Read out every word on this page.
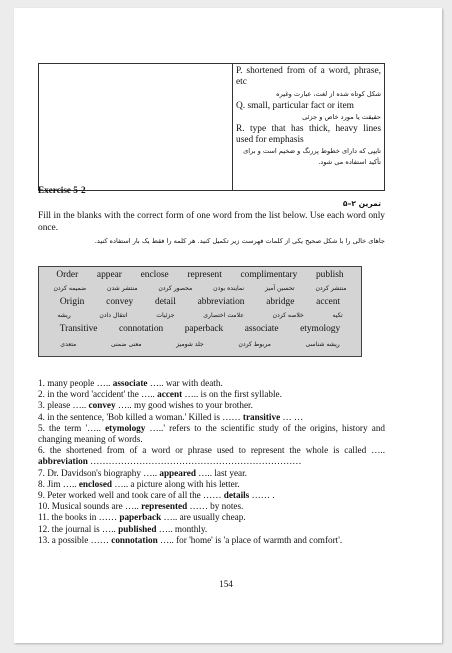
P. shortened from of a word, phrase, etc
شکل کوتاه شده از لغت، عبارت وغیره
Q. small, particular fact or item
حقیقت یا مورد خاص و جزئی
R. type that has thick, heavy lines used for emphasis
تایپی که دارای خطوط پررنگ و ضخیم است و برای تأکید استفاده می شود.
Exercise 5-2
تمرین ۲–۵
Fill in the blanks with the correct form of one word from the list below. Use each word only once.
جاهای خالی را با شکل صحیح یکی از کلمات فهرست زیر تکمیل کنید. هر کلمه را فقط یک بار استفاده کنید.
Order appear enclose represent complimentary publish
منتشر کردن
تحسین آمیز
نماینده بودن
محصور کردن
منتشر شدن
ضمیمه کردن
Origin convey detail abbreviation abridge accent
تکیه
خلاصه کردن
علامت اختصاری
جزئیات
انتقال دادن
ریشه
Transitive connotation paperback associate etymology
ریشه شناسی
مربوط کردن
جلد شومیز
معنی ضمنی
متعدی
1. many people ….. associate ….. war with death.
2. in the word 'accident' the ….. accent ….. is on the first syllable.
3. please ….. convey ….. my good wishes to your brother.
4. in the sentence, 'Bob killed a woman.' Killed is …… transitive … …
5. the term '….. etymology …..' refers to the scientific study of the origins, history and changing meaning of words.
6. the shortened from of a word or phrase used to represent the whole is called ….. abbreviation ……………………………………………………………
7. Dr. Davidson's biography ….. appeared ….. last year.
8. Jim ….. enclosed ….. a picture along with his letter.
9. Peter worked well and took care of all the …… details …… .
10. Musical sounds are ….. represented …… by notes.
11. the books in …… paperback ….. are usually cheap.
12. the journal is ….. published ….. monthly.
13. a possible …… connotation ….. for 'home' is 'a place of warmth and comfort'.
154
